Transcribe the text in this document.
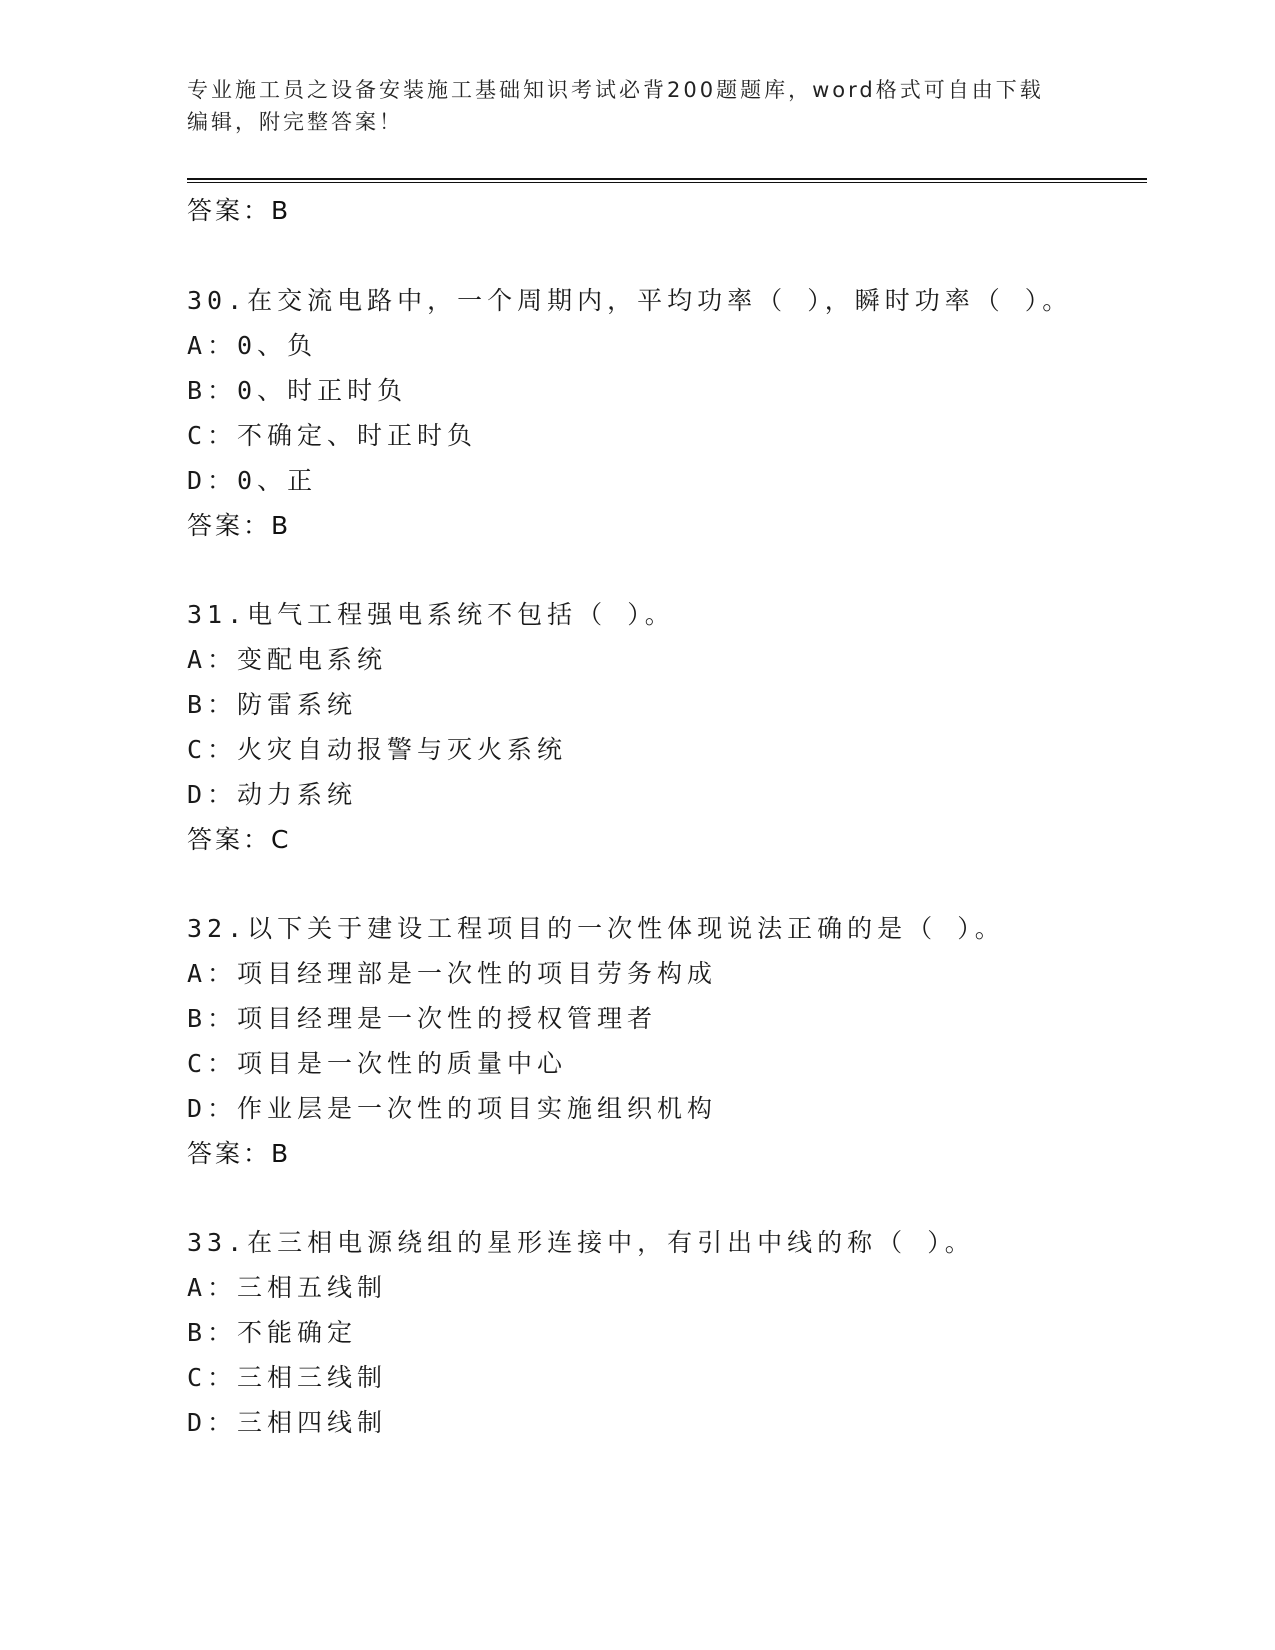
专业施工员之设备安装施工基础知识考试必背200题题库，word格式可自由下载
编辑，附完整答案！
答案：B
30.在交流电路中，一个周期内，平均功率（ ），瞬时功率（ ）。
A：0、负
B：0、时正时负
C：不确定、时正时负
D：0、正
答案：B
31.电气工程强电系统不包括（ ）。
A：变配电系统
B：防雷系统
C：火灾自动报警与灭火系统
D：动力系统
答案：C
32.以下关于建设工程项目的一次性体现说法正确的是（ ）。
A：项目经理部是一次性的项目劳务构成
B：项目经理是一次性的授权管理者
C：项目是一次性的质量中心
D：作业层是一次性的项目实施组织机构
答案：B
33.在三相电源绕组的星形连接中，有引出中线的称（ ）。
A：三相五线制
B：不能确定
C：三相三线制
D：三相四线制
